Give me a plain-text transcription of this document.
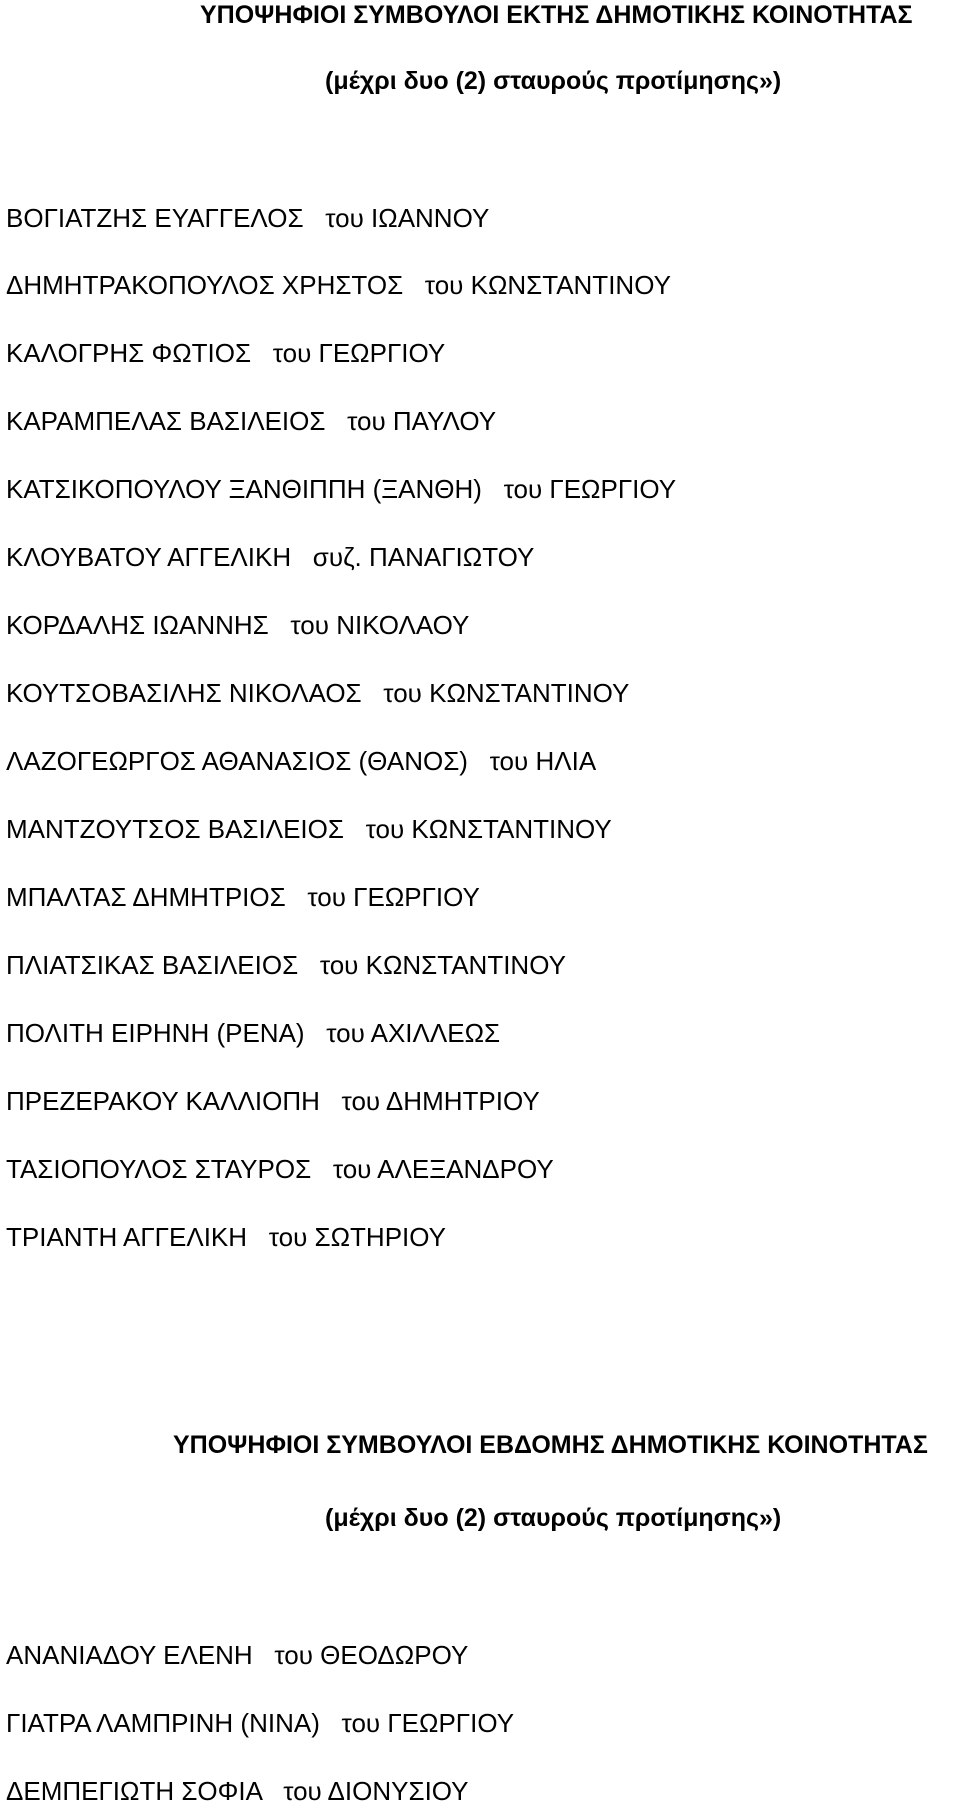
ΥΠΟΨΗΦΙΟΙ ΣΥΜΒΟΥΛΟΙ ΕΚΤΗΣ ΔΗΜΟΤΙΚΗΣ ΚΟΙΝΟΤΗΤΑΣ
(μέχρι δυο (2) σταυρούς προτίμησης»)
ΒΟΓΙΑΤΖΗΣ ΕΥΑΓΓΕΛΟΣ   του ΙΩΑΝΝΟΥ
ΔΗΜΗΤΡΑΚΟΠΟΥΛΟΣ ΧΡΗΣΤΟΣ   του ΚΩΝΣΤΑΝΤΙΝΟΥ
ΚΑΛΟΓΡΗΣ ΦΩΤΙΟΣ   του ΓΕΩΡΓΙΟΥ
ΚΑΡΑΜΠΕΛΑΣ ΒΑΣΙΛΕΙΟΣ   του ΠΑΥΛΟΥ
ΚΑΤΣΙΚΟΠΟΥΛΟΥ ΞΑΝΘΙΠΠΗ (ΞΑΝΘΗ)   του ΓΕΩΡΓΙΟΥ
ΚΛΟΥΒΑΤΟΥ ΑΓΓΕΛΙΚΗ   συζ. ΠΑΝΑΓΙΩΤΟΥ
ΚΟΡΔΑΛΗΣ ΙΩΑΝΝΗΣ   του ΝΙΚΟΛΑΟΥ
ΚΟΥΤΣΟΒΑΣΙΛΗΣ ΝΙΚΟΛΑΟΣ   του ΚΩΝΣΤΑΝΤΙΝΟΥ
ΛΑΖΟΓΕΩΡΓΟΣ ΑΘΑΝΑΣΙΟΣ (ΘΑΝΟΣ)   του ΗΛΙΑ
ΜΑΝΤΖΟΥΤΣΟΣ ΒΑΣΙΛΕΙΟΣ   του ΚΩΝΣΤΑΝΤΙΝΟΥ
ΜΠΑΛΤΑΣ ΔΗΜΗΤΡΙΟΣ   του ΓΕΩΡΓΙΟΥ
ΠΛΙΑΤΣΙΚΑΣ ΒΑΣΙΛΕΙΟΣ   του ΚΩΝΣΤΑΝΤΙΝΟΥ
ΠΟΛΙΤΗ ΕΙΡΗΝΗ (ΡΕΝΑ)   του ΑΧΙΛΛΕΩΣ
ΠΡΕΖΕΡΑΚΟΥ ΚΑΛΛΙΟΠΗ   του ΔΗΜΗΤΡΙΟΥ
ΤΑΣΙΟΠΟΥΛΟΣ ΣΤΑΥΡΟΣ   του ΑΛΕΞΑΝΔΡΟΥ
ΤΡΙΑΝΤΗ ΑΓΓΕΛΙΚΗ   του ΣΩΤΗΡΙΟΥ
ΥΠΟΨΗΦΙΟΙ ΣΥΜΒΟΥΛΟΙ ΕΒΔΟΜΗΣ ΔΗΜΟΤΙΚΗΣ ΚΟΙΝΟΤΗΤΑΣ
(μέχρι δυο (2) σταυρούς προτίμησης»)
ΑΝΑΝΙΑΔΟΥ ΕΛΕΝΗ   του ΘΕΟΔΩΡΟΥ
ΓΙΑΤΡΑ ΛΑΜΠΡΙΝΗ (ΝΙΝΑ)   του ΓΕΩΡΓΙΟΥ
ΔΕΜΠΕΓΙΩΤΗ ΣΟΦΙΑ   του ΔΙΟΝΥΣΙΟΥ
